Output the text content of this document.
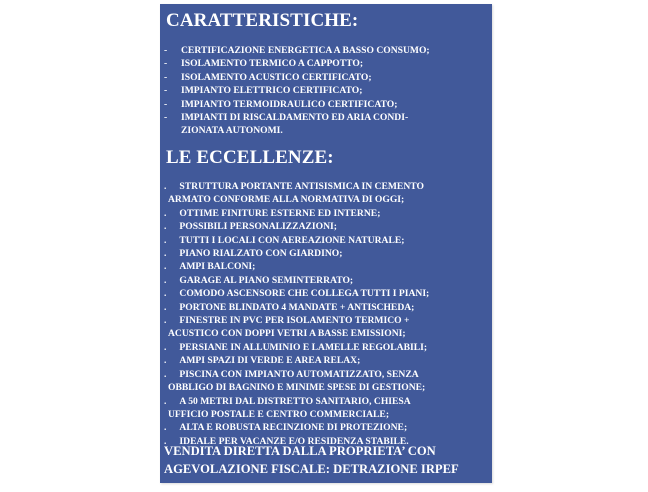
CARATTERISTICHE:
- CERTIFICAZIONE ENERGETICA A BASSO CONSUMO;
- ISOLAMENTO TERMICO A CAPPOTTO;
- ISOLAMENTO ACUSTICO CERTIFICATO;
- IMPIANTO ELETTRICO CERTIFICATO;
- IMPIANTO TERMOIDRAULICO CERTIFICATO;
- IMPIANTI DI RISCALDAMENTO ED ARIA CONDI-
ZIONATA AUTONOMI.
LE ECCELLENZE:
. STRUTTURA PORTANTE ANTISISMICA IN CEMENTO
ARMATO CONFORME ALLA NORMATIVA DI OGGI;
. OTTIME FINITURE ESTERNE ED INTERNE;
. POSSIBILI PERSONALIZZAZIONI;
. TUTTI I LOCALI CON AEREAZIONE NATURALE;
. PIANO RIALZATO CON GIARDINO;
. AMPI BALCONI;
. GARAGE AL PIANO SEMINTERRATO;
. COMODO ASCENSORE CHE COLLEGA TUTTI I PIANI;
. PORTONE BLINDATO 4 MANDATE + ANTISCHEDA;
. FINESTRE IN PVC PER ISOLAMENTO TERMICO +
ACUSTICO CON DOPPI VETRI A BASSE EMISSIONI;
. PERSIANE IN ALLUMINIO E LAMELLE REGOLABILI;
. AMPI SPAZI DI VERDE E AREA RELAX;
. PISCINA CON IMPIANTO AUTOMATIZZATO, SENZA
OBBLIGO DI BAGNINO E MINIME SPESE DI GESTIONE;
. A 50 METRI DAL DISTRETTO SANITARIO, CHIESA
UFFICIO POSTALE E CENTRO COMMERCIALE;
. ALTA E ROBUSTA RECINZIONE DI PROTEZIONE;
. IDEALE PER VACANZE E/O RESIDENZA STABILE.
VENDITA DIRETTA DALLA PROPRIETA’ CON
AGEVOLAZIONE FISCALE: DETRAZIONE IRPEF
